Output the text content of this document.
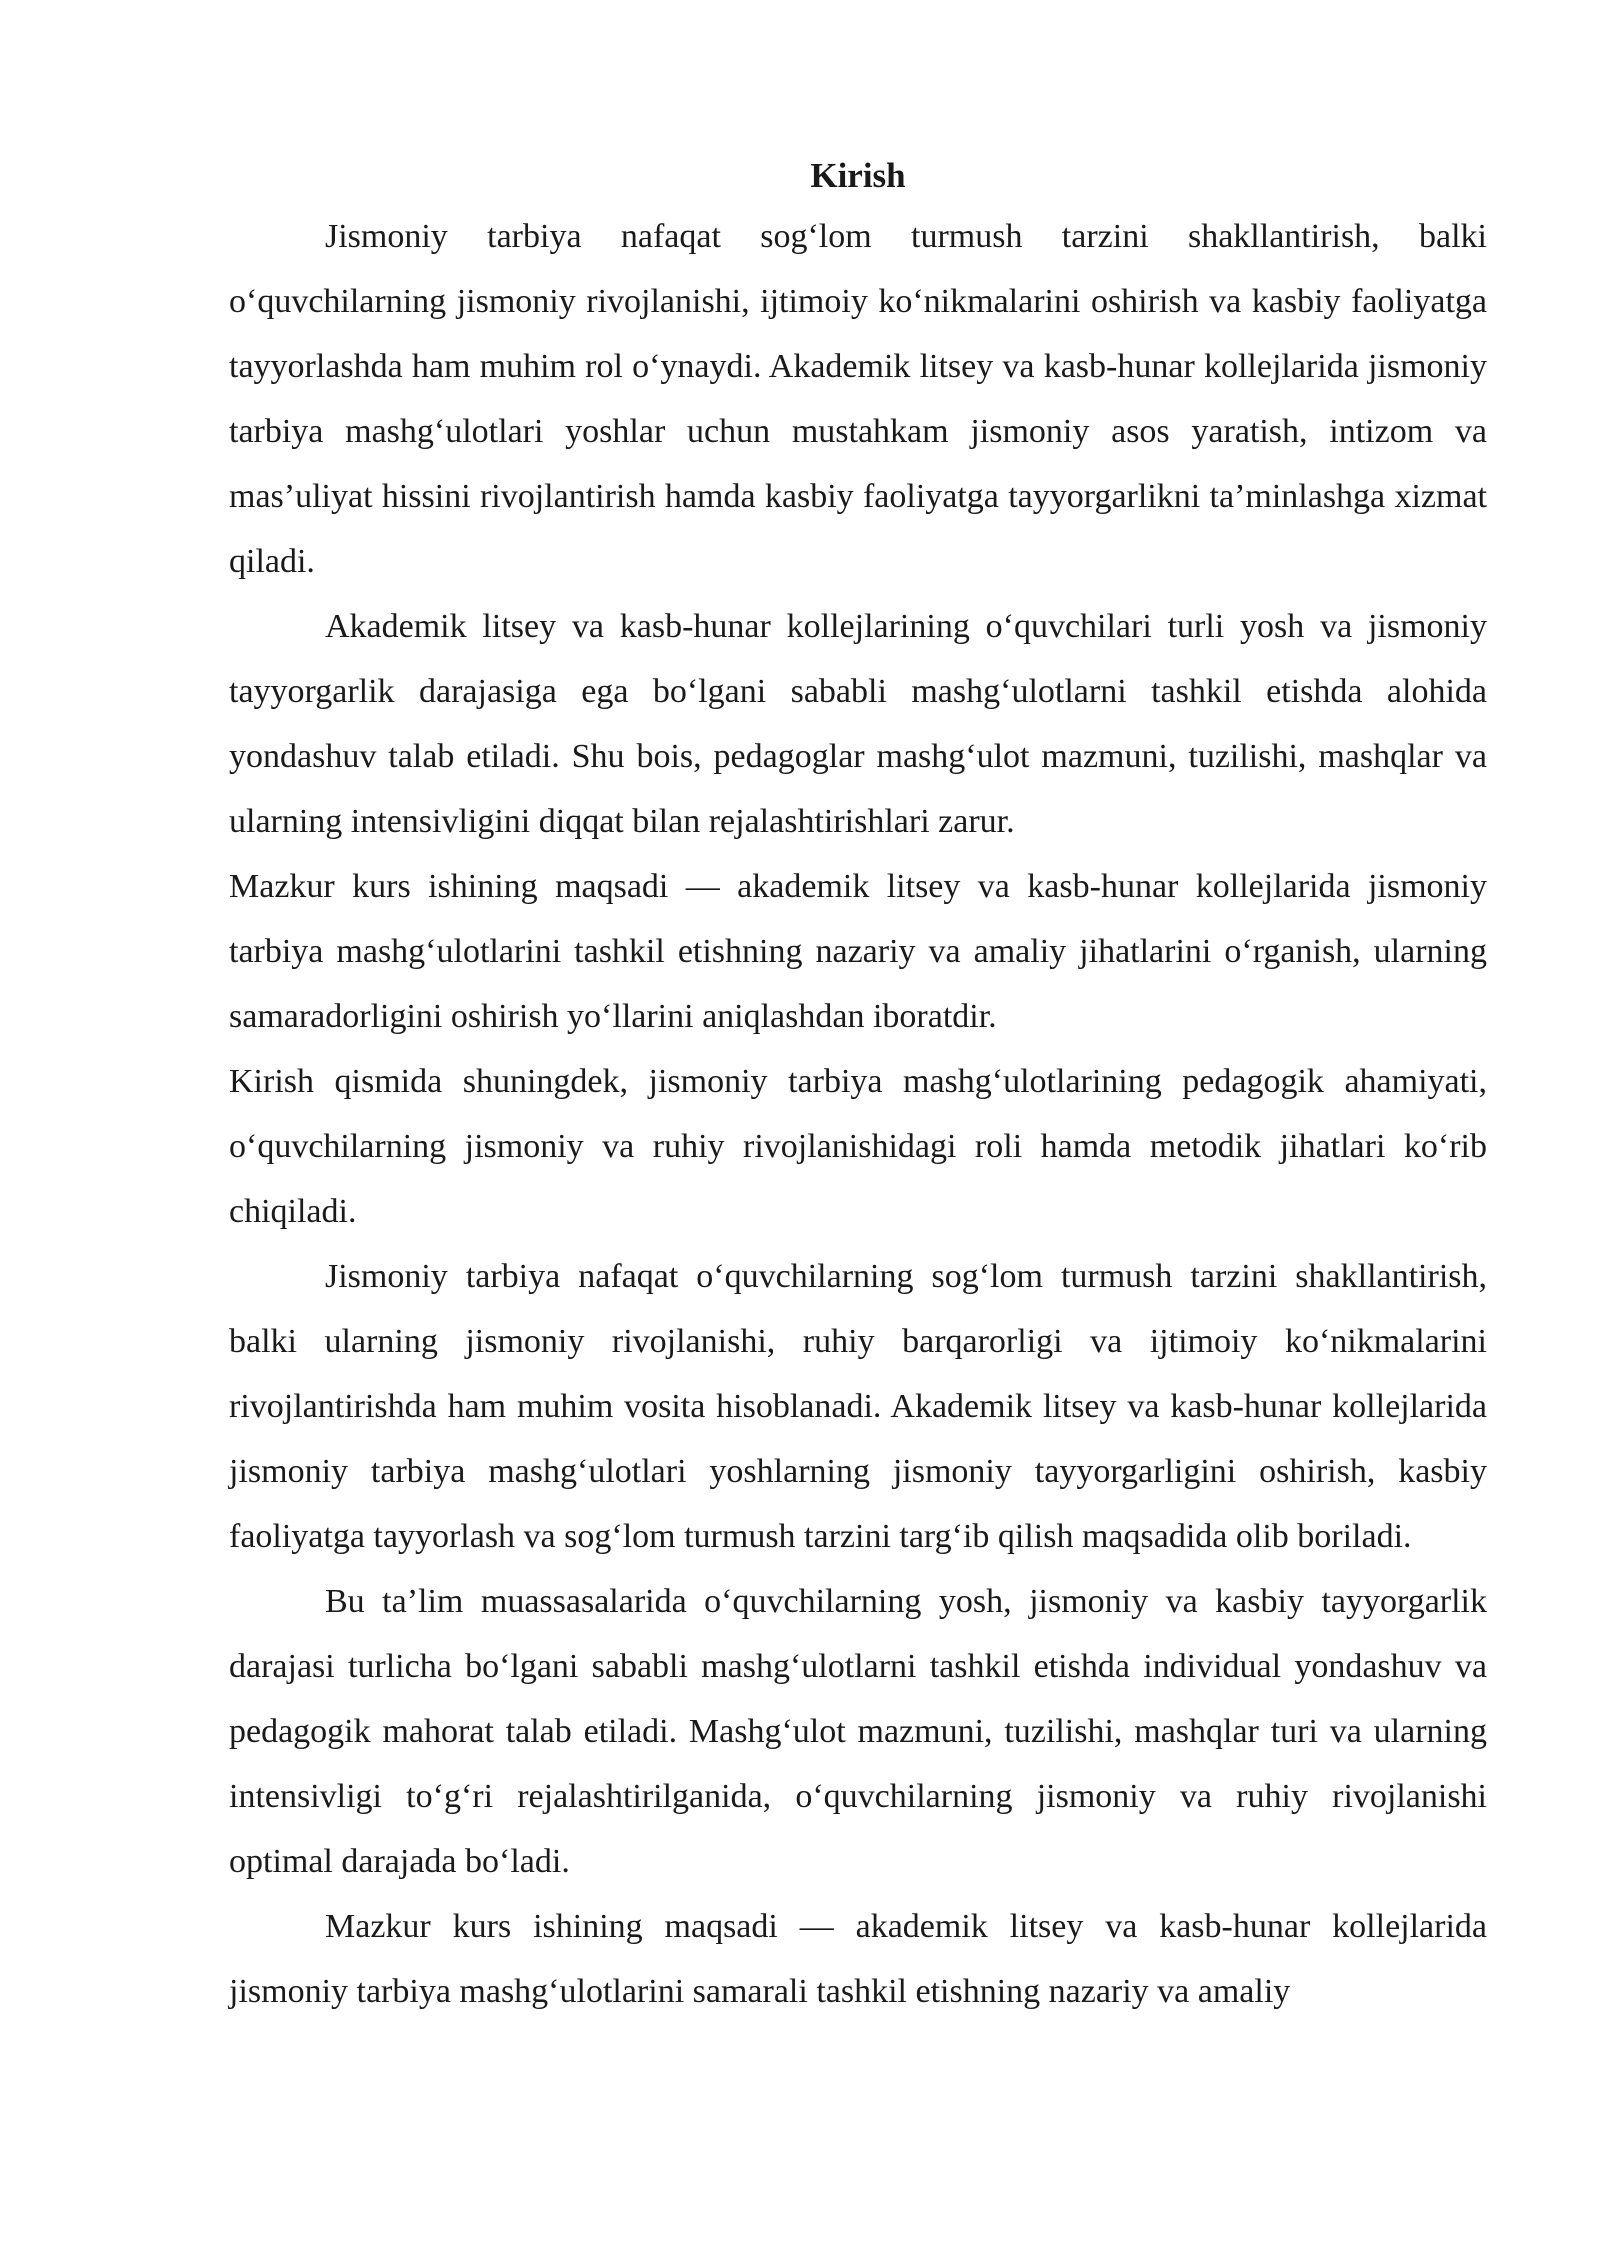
Kirish

Jismoniy tarbiya nafaqat sog‘lom turmush tarzini shakllantirish, balki o‘quvchilarning jismoniy rivojlanishi, ijtimoiy ko‘nikmalarini oshirish va kasbiy faoliyatga tayyorlashda ham muhim rol o‘ynaydi. Akademik litsey va kasb-hunar kollejlarida jismoniy tarbiya mashg‘ulotlari yoshlar uchun mustahkam jismoniy asos yaratish, intizom va mas’uliyat hissini rivojlantirish hamda kasbiy faoliyatga tayyorgarlikni ta’minlashga xizmat qiladi.

Akademik litsey va kasb-hunar kollejlarining o‘quvchilari turli yosh va jismoniy tayyorgarlik darajasiga ega bo‘lgani sababli mashg‘ulotlarni tashkil etishda alohida yondashuv talab etiladi. Shu bois, pedagoglar mashg‘ulot mazmuni, tuzilishi, mashqlar va ularning intensivligini diqqat bilan rejalashtirishlari zarur.

Mazkur kurs ishining maqsadi — akademik litsey va kasb-hunar kollejlarida jismoniy tarbiya mashg‘ulotlarini tashkil etishning nazariy va amaliy jihatlarini o‘rganish, ularning samaradorligini oshirish yo‘llarini aniqlashdan iboratdir.

Kirish qismida shuningdek, jismoniy tarbiya mashg‘ulotlarining pedagogik ahamiyati, o‘quvchilarning jismoniy va ruhiy rivojlanishidagi roli hamda metodik jihatlari ko‘rib chiqiladi.

Jismoniy tarbiya nafaqat o‘quvchilarning sog‘lom turmush tarzini shakllantirish, balki ularning jismoniy rivojlanishi, ruhiy barqarorligi va ijtimoiy ko‘nikmalarini rivojlantirishda ham muhim vosita hisoblanadi. Akademik litsey va kasb-hunar kollejlarida jismoniy tarbiya mashg‘ulotlari yoshlarning jismoniy tayyorgarligini oshirish, kasbiy faoliyatga tayyorlash va sog‘lom turmush tarzini targ‘ib qilish maqsadida olib boriladi.

Bu ta’lim muassasalarida o‘quvchilarning yosh, jismoniy va kasbiy tayyorgarlik darajasi turlicha bo‘lgani sababli mashg‘ulotlarni tashkil etishda individual yondashuv va pedagogik mahorat talab etiladi. Mashg‘ulot mazmuni, tuzilishi, mashqlar turi va ularning intensivligi to‘g‘ri rejalashtirilganida, o‘quvchilarning jismoniy va ruhiy rivojlanishi optimal darajada bo‘ladi.

Mazkur kurs ishining maqsadi — akademik litsey va kasb-hunar kollejlarida jismoniy tarbiya mashg‘ulotlarini samarali tashkil etishning nazariy va amaliy
